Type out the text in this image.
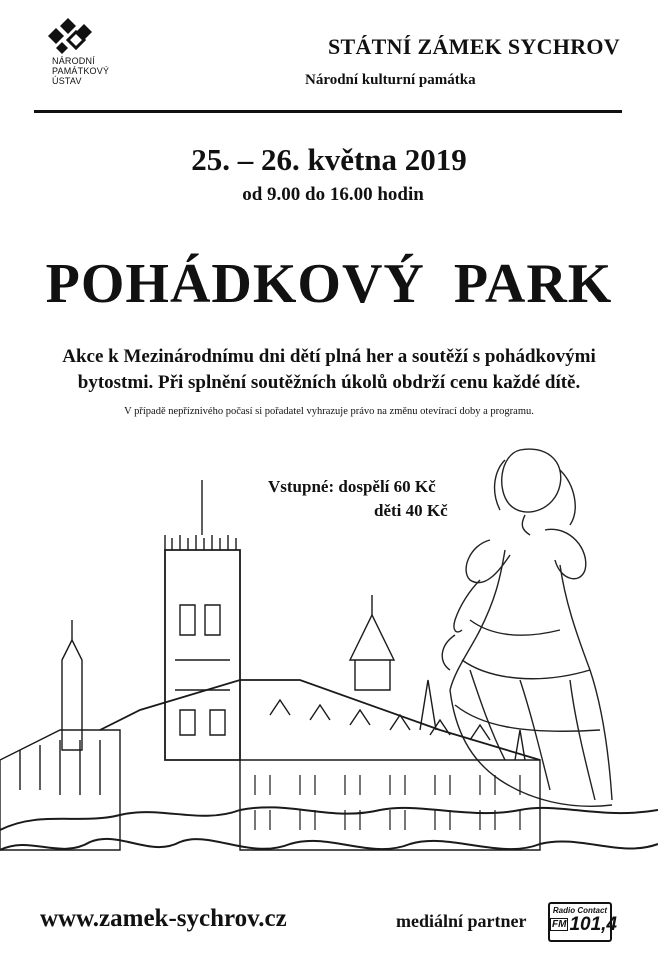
NÁRODNÍ
PAMÁTKOVÝ
ÚSTAV
STÁTNÍ ZÁMEK SYCHROV
Národní kulturní památka
25. – 26. května 2019
od 9.00 do 16.00 hodin
POHÁDKOVÝ PARK
Akce k Mezinárodnímu dni dětí plná her a soutěží s pohádkovými
bytostmi. Při splnění soutěžních úkolů obdrží cenu každé dítě.
V případě nepříznivého počasí si pořadatel vyhrazuje právo na změnu otevírací doby a programu.
Vstupné: dospělí 60 Kč
děti 40 Kč
www.zamek-sychrov.cz	mediální partner
Radio Contact
FM 101,4
